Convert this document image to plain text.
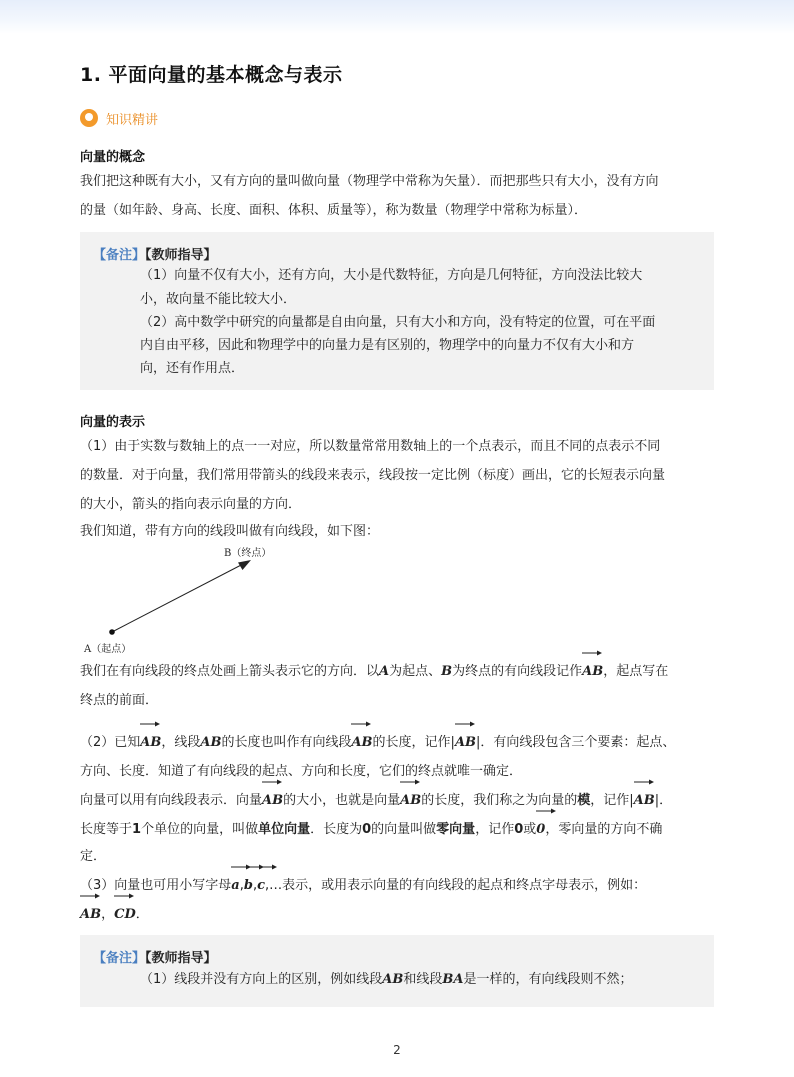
1. 平面向量的基本概念与表示
知识精讲
向量的概念
我们把这种既有大小，又有方向的量叫做向量（物理学中常称为矢量）．而把那些只有大小，没有方向
的量（如年龄、身高、长度、面积、体积、质量等），称为数量（物理学中常称为标量）．
【备注】【教师指导】
（1）向量不仅有大小，还有方向，大小是代数特征，方向是几何特征，方向没法比较大
小，故向量不能比较大小．
（2）高中数学中研究的向量都是自由向量，只有大小和方向，没有特定的位置，可在平面
内自由平移，因此和物理学中的向量力是有区别的，物理学中的向量力不仅有大小和方
向，还有作用点．
向量的表示
（1）由于实数与数轴上的点一一对应，所以数量常常用数轴上的一个点表示，而且不同的点表示不同
的数量．对于向量，我们常用带箭头的线段来表示，线段按一定比例（标度）画出，它的长短表示向量
的大小，箭头的指向表示向量的方向．
我们知道，带有方向的线段叫做有向线段，如下图：
B（终点）
A（起点）
我们在有向线段的终点处画上箭头表示它的方向．以A为起点、B为终点的有向线段记作AB
，起点写在
终点的前面．
（2）已知AB
，线段AB的长度也叫作有向线段AB
的长度，记作|AB
|．有向线段包含三个要素：起点、
方向、长度．知道了有向线段的起点、方向和长度，它们的终点就唯一确定．
向量可以用有向线段表示．向量AB
的大小，也就是向量AB
的长度，我们称之为向量的模，记作|AB
|．
长度等于1个单位的向量，叫做单位向量．长度为0的向量叫做零向量，记作0或0
，零向量的方向不确
定．
（3）向量也可用小写字母a
,b
,c
,…表示，或用表示向量的有向线段的起点和终点字母表示，例如：
AB
，CD
．
【备注】【教师指导】
（1）线段并没有方向上的区别，例如线段AB和线段BA是一样的，有向线段则不然；
2
